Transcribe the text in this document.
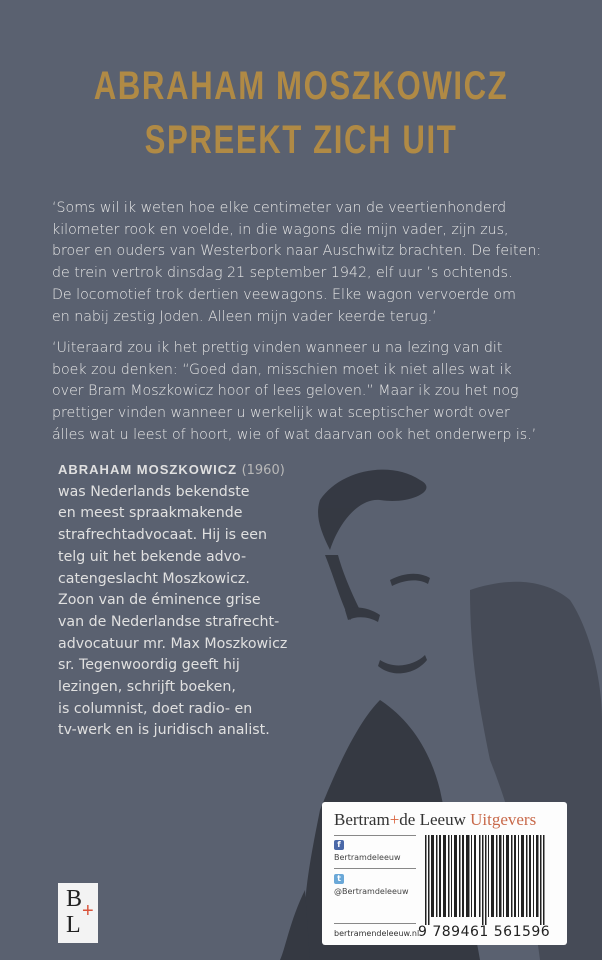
ABRAHAM MOSZKOWICZ
SPREEKT ZICH UIT

‘Soms wil ik weten hoe elke centimeter van de veertienhonderd

kilometer rook en voelde, in die wagons die mijn vader, zijn zus,

broer en ouders van Westerbork naar Auschwitz brachten. De feiten:

de trein vertrok dinsdag 21 september 1942, elf uur ’s ochtends.

De locomotief trok dertien veewagons. Elke wagon vervoerde om

en nabij zestig Joden. Alleen mijn vader keerde terug.’

‘Uiteraard zou ik het prettig vinden wanneer u na lezing van dit

boek zou denken: “Goed dan, misschien moet ik niet alles wat ik

over Bram Moszkowicz hoor of lees geloven.” Maar ik zou het nog

prettiger vinden wanneer u werkelijk wat sceptischer wordt over

álles wat u leest of hoort, wie of wat daarvan ook het onderwerp is.’

ABRAHAM MOSZKOWICZ (1960)

was Nederlands bekendste

en meest spraakmakende

strafrechtadvocaat. Hij is een

telg uit het bekende advo-

catengeslacht Moszkowicz.

Zoon van de éminence grise

van de Nederlandse strafrecht-

advocatuur mr. Max Moszkowicz

sr. Tegenwoordig geeft hij

lezingen, schrijft boeken,

is columnist, doet radio- en

tv-werk en is juridisch analist.

Bertram+de Leeuw Uitgevers
f
Bertramdeleeuw
t
@Bertramdeleeuw
bertramendeleeuw.nl
9 789461 561596
B
L
+
